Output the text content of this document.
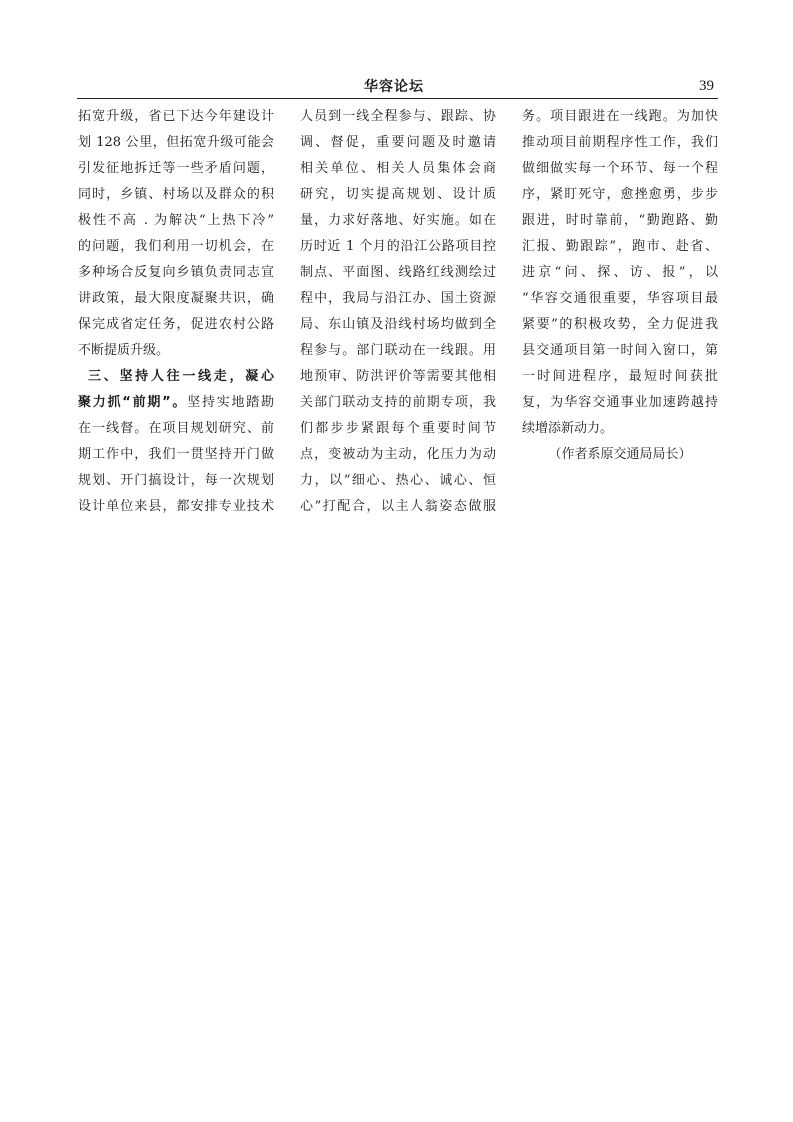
华容论坛	39
拓宽升级，省已下达今年建设计
划 128 公里，但拓宽升级可能会
引发征地拆迁等一些矛盾问题，
同时，乡镇、村场以及群众的积
极性不高 . 为解决“上热下冷”
的问题，我们利用一切机会，在
多种场合反复向乡镇负责同志宣
讲政策，最大限度凝聚共识，确
保完成省定任务，促进农村公路
不断提质升级。
三、坚持人往一线走，凝心
聚力抓“前期”。坚持实地踏勘
在一线督。在项目规划研究、前
期工作中，我们一贯坚持开门做
规划、开门搞设计，每一次规划
设计单位来县，都安排专业技术
人员到一线全程参与、跟踪、协
调、督促，重要问题及时邀请
相关单位、相关人员集体会商
研究，切实提高规划、设计质
量，力求好落地、好实施。如在
历时近 1 个月的沿江公路项目控
制点、平面图、线路红线测绘过
程中，我局与沿江办、国土资源
局、东山镇及沿线村场均做到全
程参与。部门联动在一线跟。用
地预审、防洪评价等需要其他相
关部门联动支持的前期专项，我
们都步步紧跟每个重要时间节
点，变被动为主动，化压力为动
力，以“细心、热心、诚心、恒
心”打配合，以主人翁姿态做服
务。项目跟进在一线跑。为加快
推动项目前期程序性工作，我们
做细做实每一个环节、每一个程
序，紧盯死守，愈挫愈勇，步步
跟进，时时靠前，“勤跑路、勤
汇报、勤跟踪”，跑市、赴省、
进京“问、探、访、报”，以
“华容交通很重要，华容项目最
紧要”的积极攻势，全力促进我
县交通项目第一时间入窗口，第
一时间进程序，最短时间获批
复，为华容交通事业加速跨越持
续增添新动力。
（作者系原交通局局长）
